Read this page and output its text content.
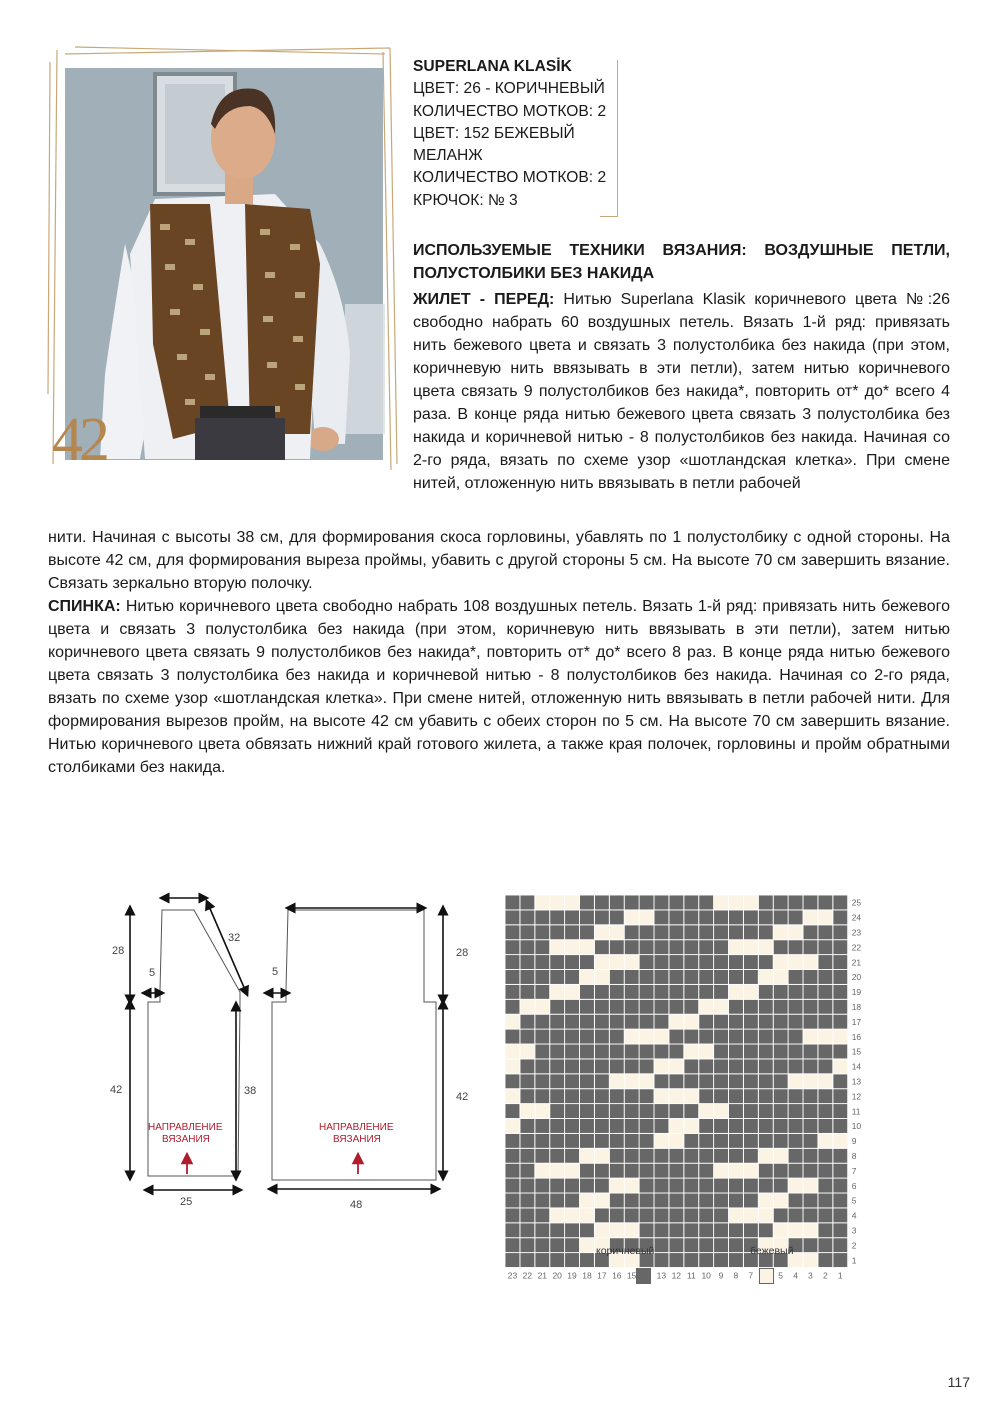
42
SUPERLANA KLASİK
ЦВЕТ: 26 - КОРИЧНЕВЫЙ
КОЛИЧЕСТВО МОТКОВ: 2
ЦВЕТ: 152 БЕЖЕВЫЙ
МЕЛАНЖ
КОЛИЧЕСТВО МОТКОВ: 2
КРЮЧОК: № 3
ИСПОЛЬЗУЕМЫЕ ТЕХНИКИ ВЯЗАНИЯ: ВОЗДУШНЫЕ ПЕТЛИ, ПОЛУСТОЛБИКИ БЕЗ НАКИДА
ЖИЛЕТ - ПЕРЕД: Нитью Superlana Klasik коричневого цвета №:26 свободно набрать 60 воздушных петель. Вязать 1-й ряд: привязать нить бежевого цвета и связать 3 полустолбика без накида (при этом, коричневую нить ввязывать в эти петли), затем нитью коричневого цвета связать 9 полустолбиков без накида*, повторить от* до* всего 4 раза. В конце ряда нитью бежевого цвета связать 3 полустолбика без накида и коричневой нитью - 8 полустолбиков без накида. Начиная со 2-го ряда, вязать по схеме узор «шотландская клетка». При смене нитей, отложенную нить ввязывать в петли рабочей
нити. Начиная с высоты 38 см, для формирования скоса горловины, убавлять по 1 полустолбику с одной стороны. На высоте 42 см, для формирования выреза проймы, убавить с другой стороны 5 см. На высоте 70 см завершить вязание. Связать зеркально вторую полочку.
СПИНКА: Нитью коричневого цвета свободно набрать 108 воздушных петель. Вязать 1-й ряд: привязать нить бежевого цвета и связать 3 полустолбика без накида (при этом, коричневую нить ввязывать в эти петли), затем нитью коричневого цвета связать 9 полустолбиков без накида*, повторить от* до* всего 8 раз. В конце ряда нитью бежевого цвета связать 3 полустолбика без накида и коричневой нитью - 8 полустолбиков без накида. Начиная со 2-го ряда, вязать по схеме узор «шотландская клетка». При смене нитей, отложенную нить ввязывать в петли рабочей нити. Для формирования вырезов пройм, на высоте 42 см убавить с обеих сторон по 5 см. На высоте 70 см завершить вязание. Нитью коричневого цвета обвязать нижний край готового жилета, а также края полочек, горловины и пройм обратными столбиками без накида.
28
5
32
42	38
25
НАПРАВЛЕНИЕ
ВЯЗАНИЯ
5
28
42
48
НАПРАВЛЕНИЕ
ВЯЗАНИЯ
1
2
3
4
5
6
7
8
9
10
11
12
13
14
15
16
17
18
19
20
21
22
23
24
25
1
2
3
4
5
7
8
9
10
11
12
13
15
16
17
18
19
20
21
22
23
коричневый	бежевый
117
